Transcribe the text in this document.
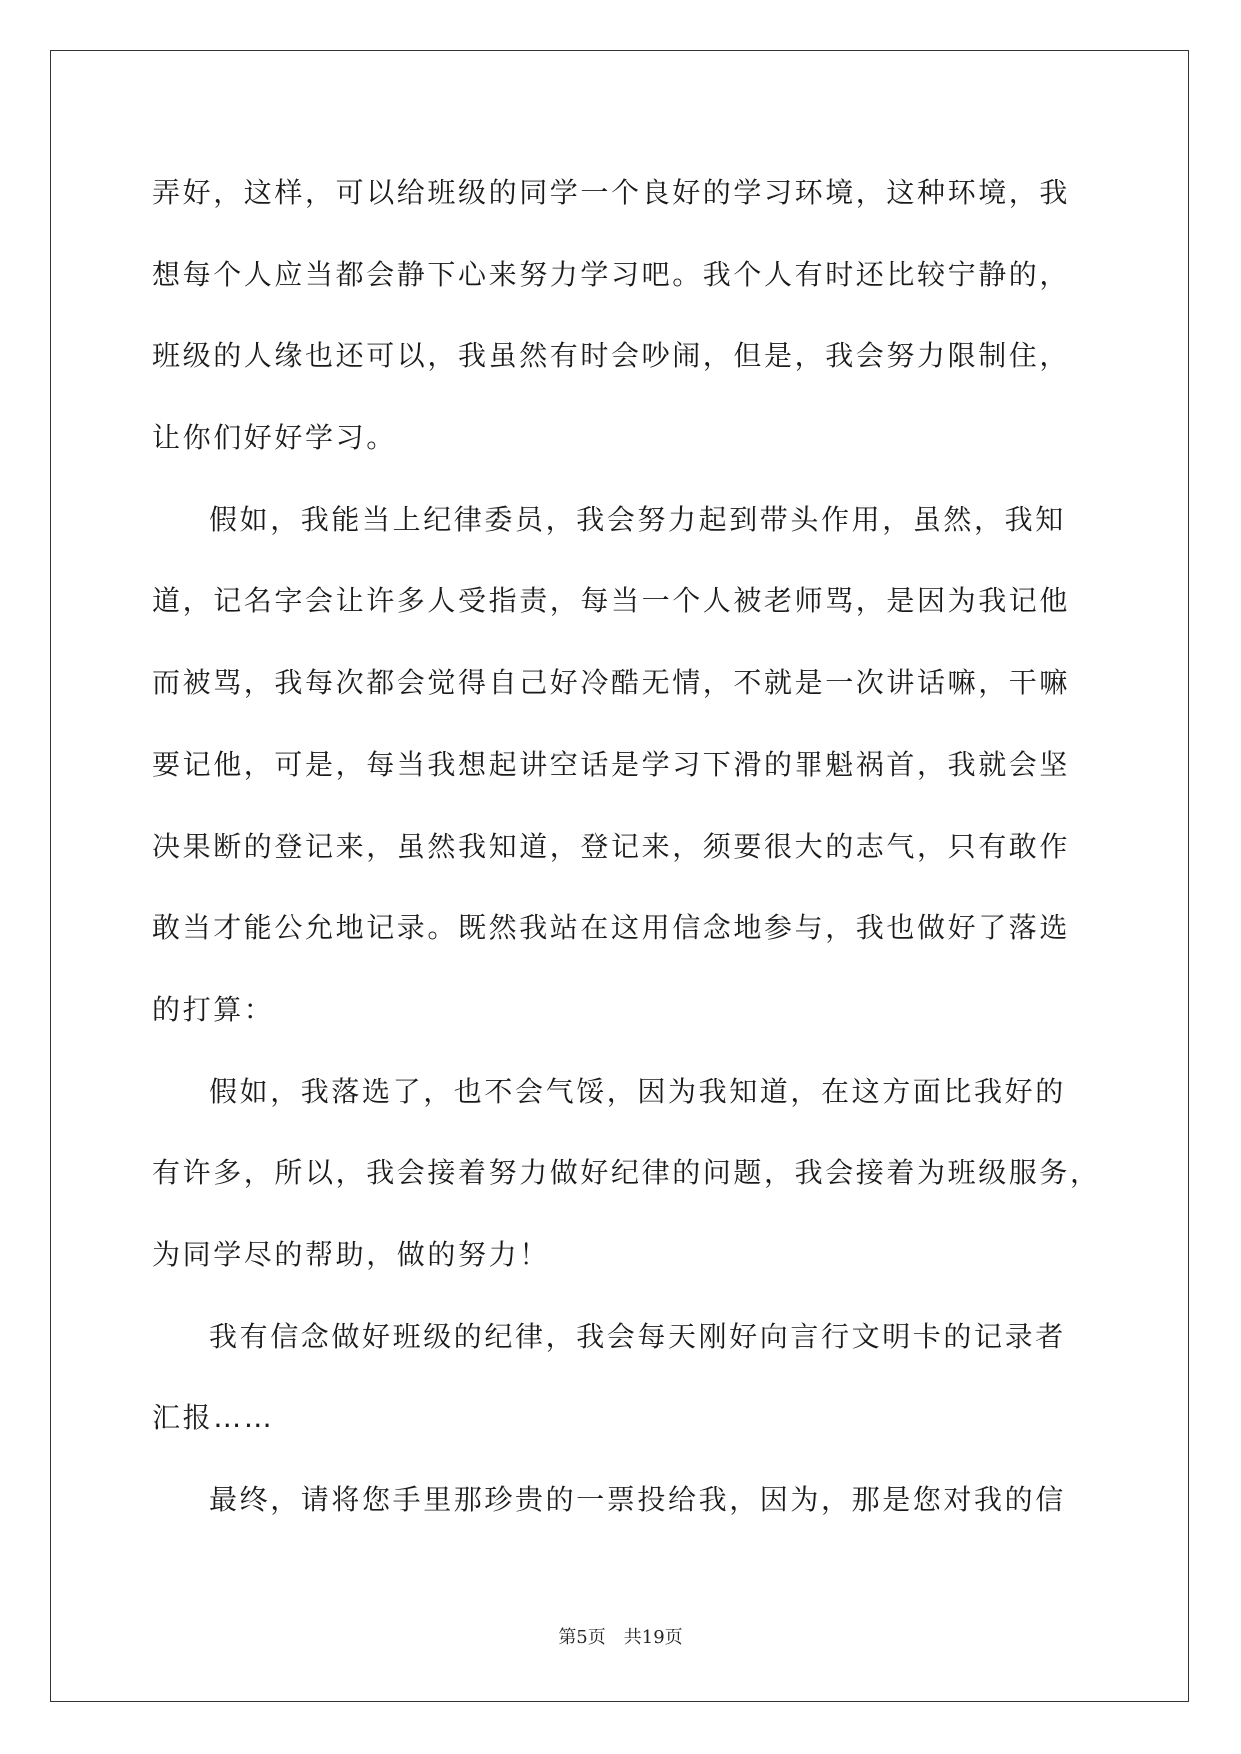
弄好，这样，可以给班级的同学一个良好的学习环境，这种环境，我
想每个人应当都会静下心来努力学习吧。我个人有时还比较宁静的，
班级的人缘也还可以，我虽然有时会吵闹，但是，我会努力限制住，
让你们好好学习。
假如，我能当上纪律委员，我会努力起到带头作用，虽然，我知
道，记名字会让许多人受指责，每当一个人被老师骂，是因为我记他
而被骂，我每次都会觉得自己好冷酷无情，不就是一次讲话嘛，干嘛
要记他，可是，每当我想起讲空话是学习下滑的罪魁祸首，我就会坚
决果断的登记来，虽然我知道，登记来，须要很大的志气，只有敢作
敢当才能公允地记录。既然我站在这用信念地参与，我也做好了落选
的打算：
假如，我落选了，也不会气馁，因为我知道，在这方面比我好的
有许多，所以，我会接着努力做好纪律的问题，我会接着为班级服务，
为同学尽的帮助，做的努力！
我有信念做好班级的纪律，我会每天刚好向言行文明卡的记录者
汇报……
最终，请将您手里那珍贵的一票投给我，因为，那是您对我的信
第5页 共19页
